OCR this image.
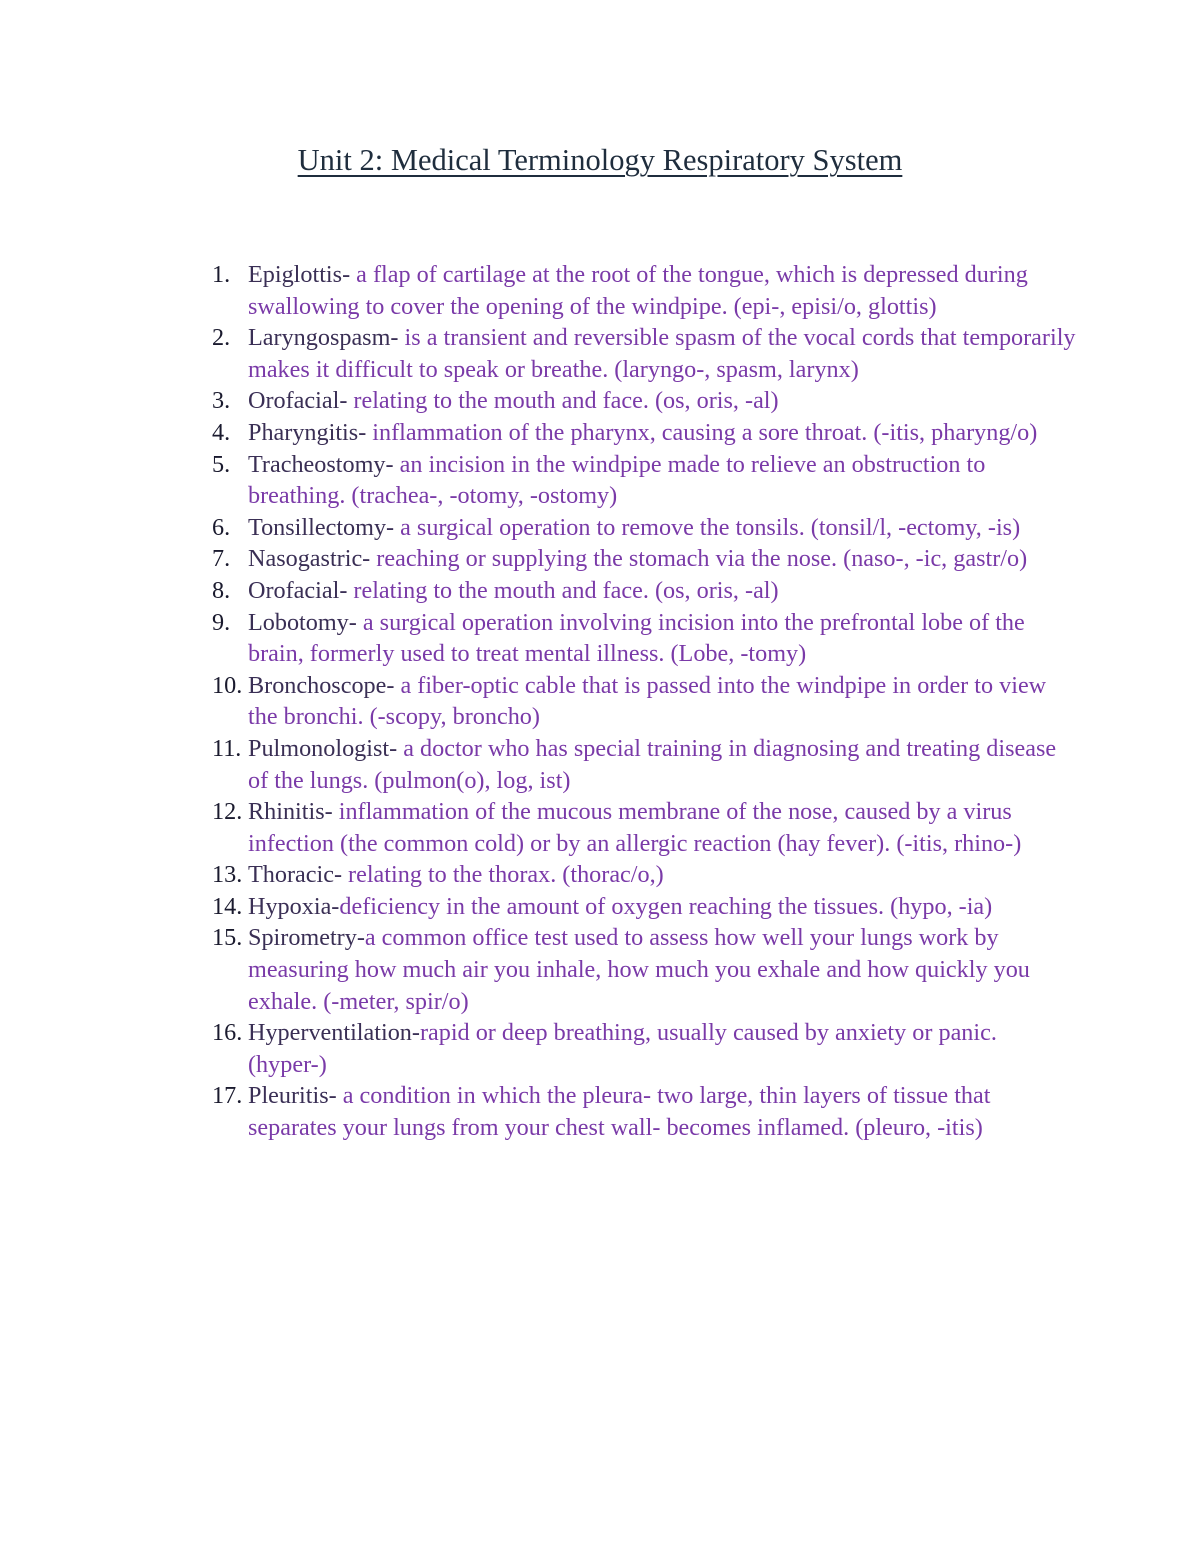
Unit 2: Medical Terminology Respiratory System
1. Epiglottis- a flap of cartilage at the root of the tongue, which is depressed during swallowing to cover the opening of the windpipe. (epi-, episi/o, glottis)
2. Laryngospasm- is a transient and reversible spasm of the vocal cords that temporarily makes it difficult to speak or breathe. (laryngo-, spasm, larynx)
3. Orofacial- relating to the mouth and face. (os, oris, -al)
4. Pharyngitis- inflammation of the pharynx, causing a sore throat. (-itis, pharyng/o)
5. Tracheostomy- an incision in the windpipe made to relieve an obstruction to breathing. (trachea-, -otomy, -ostomy)
6. Tonsillectomy- a surgical operation to remove the tonsils. (tonsil/l, -ectomy, -is)
7. Nasogastric- reaching or supplying the stomach via the nose. (naso-, -ic, gastr/o)
8. Orofacial- relating to the mouth and face. (os, oris, -al)
9. Lobotomy- a surgical operation involving incision into the prefrontal lobe of the brain, formerly used to treat mental illness. (Lobe, -tomy)
10. Bronchoscope- a fiber-optic cable that is passed into the windpipe in order to view the bronchi. (-scopy, broncho)
11. Pulmonologist- a doctor who has special training in diagnosing and treating disease of the lungs. (pulmon(o), log, ist)
12. Rhinitis- inflammation of the mucous membrane of the nose, caused by a virus infection (the common cold) or by an allergic reaction (hay fever). (-itis, rhino-)
13. Thoracic- relating to the thorax. (thorac/o,)
14. Hypoxia-deficiency in the amount of oxygen reaching the tissues. (hypo, -ia)
15. Spirometry-a common office test used to assess how well your lungs work by measuring how much air you inhale, how much you exhale and how quickly you exhale. (-meter, spir/o)
16. Hyperventilation-rapid or deep breathing, usually caused by anxiety or panic. (hyper-)
17. Pleuritis- a condition in which the pleura- two large, thin layers of tissue that separates your lungs from your chest wall- becomes inflamed. (pleuro, -itis)
